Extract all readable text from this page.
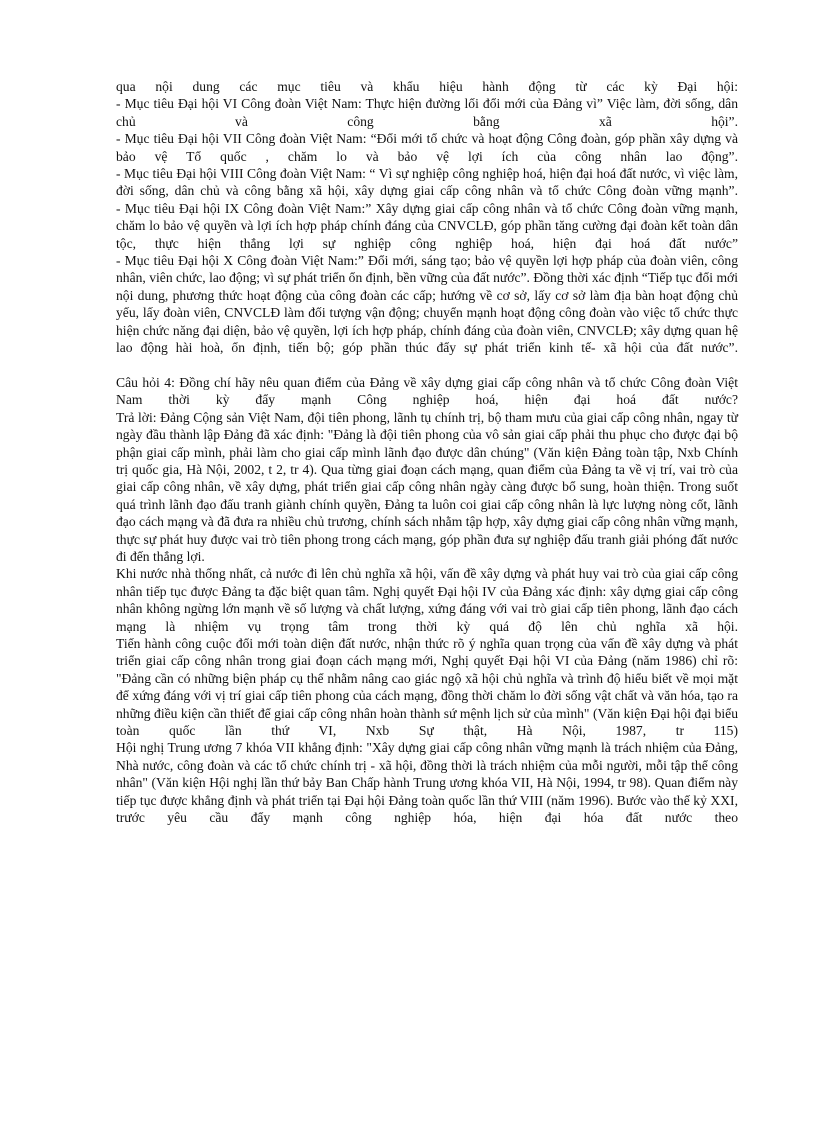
qua nội dung các mục tiêu và khẩu hiệu hành động từ các kỳ Đại hội:

- Mục tiêu Đại hội VI Công đoàn Việt Nam: Thực hiện đường lối đổi mới của Đảng vì” Việc làm, đời sống, dân chủ và công bằng xã hội”.

- Mục tiêu Đại hội VII Công đoàn Việt Nam: “Đổi mới tổ chức và hoạt động Công đoàn, góp phần xây dựng và bảo vệ Tổ quốc , chăm lo và bảo vệ lợi ích của công nhân lao động”.

- Mục tiêu Đại hội VIII Công đoàn Việt Nam: “ Vì sự nghiệp công nghiệp hoá, hiện đại hoá đất nước, vì việc làm, đời sống, dân chủ và công bằng xã hội, xây dựng giai cấp công nhân và tổ chức Công đoàn vững mạnh”.

- Mục tiêu Đại hội IX Công đoàn Việt Nam:” Xây dựng giai cấp công nhân và tổ chức Công đoàn vững mạnh, chăm lo bảo vệ quyền và lợi ích hợp pháp chính đáng của CNVCLĐ, góp phần tăng cường đại đoàn kết toàn dân tộc, thực hiện thắng lợi sự nghiệp công nghiệp hoá, hiện đại hoá đất nước”

- Mục tiêu Đại hội X Công đoàn Việt Nam:” Đổi mới, sáng tạo; bảo vệ quyền lợi hợp pháp của đoàn viên, công nhân, viên chức, lao động; vì sự phát triển ổn định, bền vững của đất nước”. Đồng thời xác định “Tiếp tục đổi mới nội dung, phương thức hoạt động của công đoàn các cấp; hướng về cơ sở, lấy cơ sở làm địa bàn hoạt động chủ yếu, lấy đoàn viên, CNVCLĐ làm đối tượng vận động; chuyển mạnh hoạt động công đoàn vào việc tổ chức thực hiện chức năng đại diện, bảo vệ quyền, lợi ích hợp pháp, chính đáng của đoàn viên, CNVCLĐ; xây dựng quan hệ lao động hài hoà, ổn định, tiến bộ; góp phần thúc đẩy sự phát triển kinh tế- xã hội của đất nước”.

Câu hỏi 4: Đồng chí hãy nêu quan điểm của Đảng về xây dựng giai cấp công nhân và tổ chức Công đoàn Việt Nam thời kỳ đẩy mạnh Công nghiệp hoá, hiện đại hoá đất nước?

Trả lời: Đảng Cộng sản Việt Nam, đội tiên phong, lãnh tụ chính trị, bộ tham mưu của giai cấp công nhân, ngay từ ngày đầu thành lập Đảng đã xác định: "Đảng là đội tiên phong của vô sản giai cấp phải thu phục cho được đại bộ phận giai cấp mình, phải làm cho giai cấp mình lãnh đạo được dân chúng" (Văn kiện Đảng toàn tập, Nxb Chính trị quốc gia, Hà Nội, 2002, t 2, tr 4). Qua từng giai đoạn cách mạng, quan điểm của Đảng ta về vị trí, vai trò của giai cấp công nhân, về xây dựng, phát triển giai cấp công nhân ngày càng được bổ sung, hoàn thiện. Trong suốt quá trình lãnh đạo đấu tranh giành chính quyền, Đảng ta luôn coi giai cấp công nhân là lực lượng nòng cốt, lãnh đạo cách mạng và đã đưa ra nhiều chủ trương, chính sách nhằm tập hợp, xây dựng giai cấp công nhân vững mạnh, thực sự phát huy được vai trò tiên phong trong cách mạng, góp phần đưa sự nghiệp đấu tranh giải phóng đất nước đi đến thắng lợi.

Khi nước nhà thống nhất, cả nước đi lên chủ nghĩa xã hội, vấn đề xây dựng và phát huy vai trò của giai cấp công nhân tiếp tục được Đảng ta đặc biệt quan tâm. Nghị quyết Đại hội IV của Đảng xác định: xây dựng giai cấp công nhân không ngừng lớn mạnh về số lượng và chất lượng, xứng đáng với vai trò giai cấp tiên phong, lãnh đạo cách mạng là nhiệm vụ trọng tâm trong thời kỳ quá độ lên chủ nghĩa xã hội.

Tiến hành công cuộc đổi mới toàn diện đất nước, nhận thức rõ ý nghĩa quan trọng của vấn đề xây dựng và phát triển giai cấp công nhân trong giai đoạn cách mạng mới, Nghị quyết Đại hội VI của Đảng (năm 1986) chỉ rõ: "Đảng cần có những biện pháp cụ thể nhằm nâng cao giác ngộ xã hội chủ nghĩa và trình độ hiểu biết về mọi mặt để xứng đáng với vị trí giai cấp tiên phong của cách mạng, đồng thời chăm lo đời sống vật chất và văn hóa, tạo ra những điều kiện cần thiết để giai cấp công nhân hoàn thành sứ mệnh lịch sử của mình" (Văn kiện Đại hội đại biểu toàn quốc lần thứ VI, Nxb Sự thật, Hà Nội, 1987, tr 115)

Hội nghị Trung ương 7 khóa VII khẳng định: "Xây dựng giai cấp công nhân vững mạnh là trách nhiệm của Đảng, Nhà nước, công đoàn và các tổ chức chính trị - xã hội, đồng thời là trách nhiệm của mỗi người, mỗi tập thể công nhân" (Văn kiện Hội nghị lần thứ bảy Ban Chấp hành Trung ương khóa VII, Hà Nội, 1994, tr 98). Quan điểm này tiếp tục được khẳng định và phát triển tại Đại hội Đảng toàn quốc lần thứ VIII (năm 1996). Bước vào thế kỷ XXI, trước yêu cầu đẩy mạnh công nghiệp hóa, hiện đại hóa đất nước theo
